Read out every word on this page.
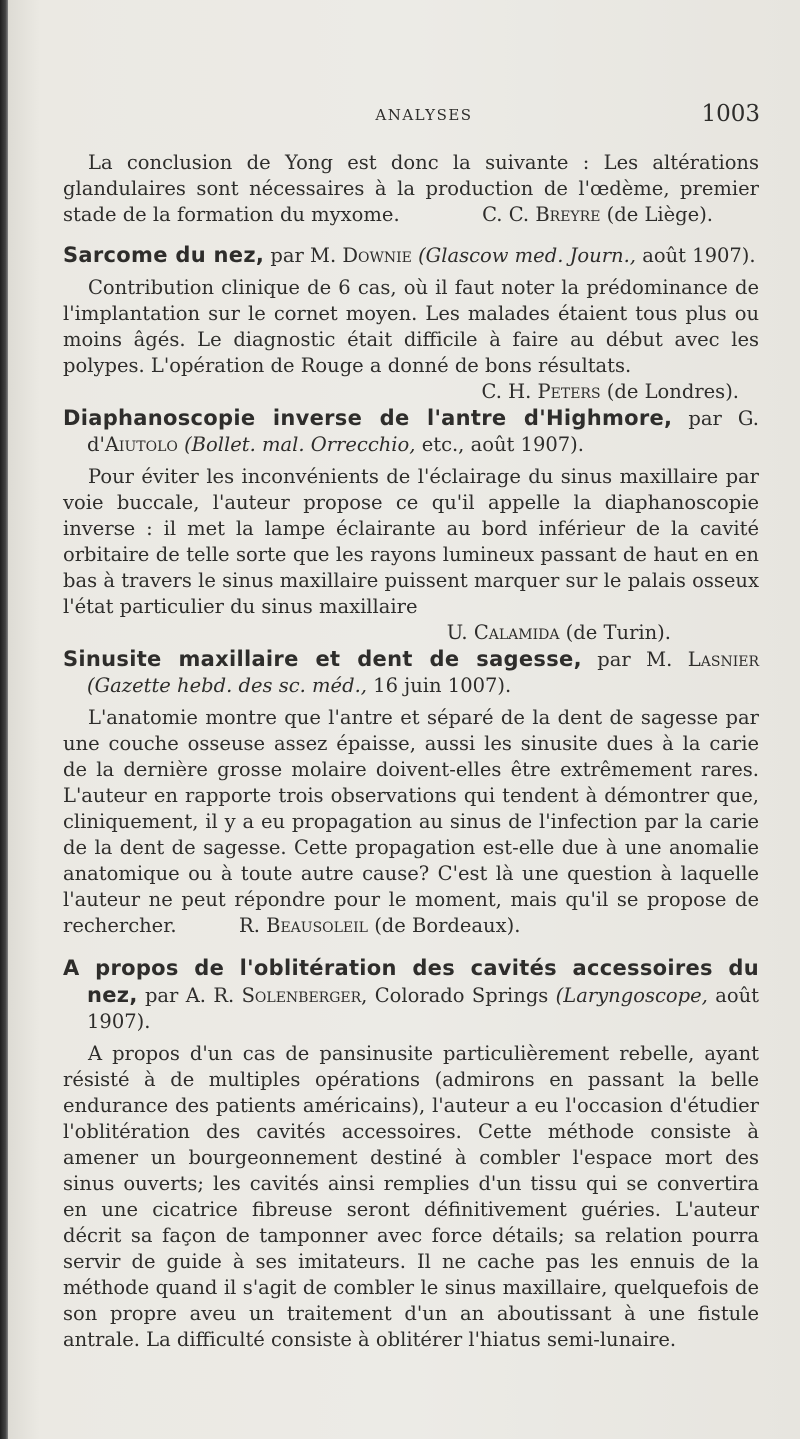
ANALYSES	1003

La conclusion de Yong est donc la suivante : Les altérations glandulaires sont nécessaires à la production de l'œdème, premier stade de la formation du myxome.	C. C. Breyre (de Liège).

Sarcome du nez, par M. Downie (Glascow med. Journ., août 1907).

Contribution clinique de 6 cas, où il faut noter la prédominance de l'implantation sur le cornet moyen. Les malades étaient tous plus ou moins âgés. Le diagnostic était difficile à faire au début avec les polypes. L'opération de Rouge a donné de bons résultats.

C. H. Peters (de Londres).

Diaphanoscopie inverse de l'antre d'Highmore, par G. d'Aiutolo (Bollet. mal. Orrecchio, etc., août 1907).

Pour éviter les inconvénients de l'éclairage du sinus maxillaire par voie buccale, l'auteur propose ce qu'il appelle la diaphanoscopie inverse : il met la lampe éclairante au bord inférieur de la cavité orbitaire de telle sorte que les rayons lumineux passant de haut en en bas à travers le sinus maxillaire puissent marquer sur le palais osseux l'état particulier du sinus maxillaire

U. Calamida (de Turin).

Sinusite maxillaire et dent de sagesse, par M. Lasnier (Gazette hebd. des sc. méd., 16 juin 1007).

L'anatomie montre que l'antre et séparé de la dent de sagesse par une couche osseuse assez épaisse, aussi les sinusite dues à la carie de la dernière grosse molaire doivent-elles être extrêmement rares. L'auteur en rapporte trois observations qui tendent à démontrer que, cliniquement, il y a eu propagation au sinus de l'infection par la carie de la dent de sagesse. Cette propagation est-elle due à une anomalie anatomique ou à toute autre cause? C'est là une question à laquelle l'auteur ne peut répondre pour le moment, mais qu'il se propose de rechercher.	R. Beausoleil (de Bordeaux).

A propos de l'oblitération des cavités accessoires du nez, par A. R. Solenberger, Colorado Springs (Laryngoscope, août 1907).

A propos d'un cas de pansinusite particulièrement rebelle, ayant résisté à de multiples opérations (admirons en passant la belle endurance des patients américains), l'auteur a eu l'occasion d'étudier l'oblitération des cavités accessoires. Cette méthode consiste à amener un bourgeonnement destiné à combler l'espace mort des sinus ouverts; les cavités ainsi remplies d'un tissu qui se convertira en une cicatrice fibreuse seront définitivement guéries. L'auteur décrit sa façon de tamponner avec force détails; sa relation pourra servir de guide à ses imitateurs. Il ne cache pas les ennuis de la méthode quand il s'agit de combler le sinus maxillaire, quelquefois de son propre aveu un traitement d'un an aboutissant à une fistule antrale. La difficulté consiste à oblitérer l'hiatus semi-lunaire.
